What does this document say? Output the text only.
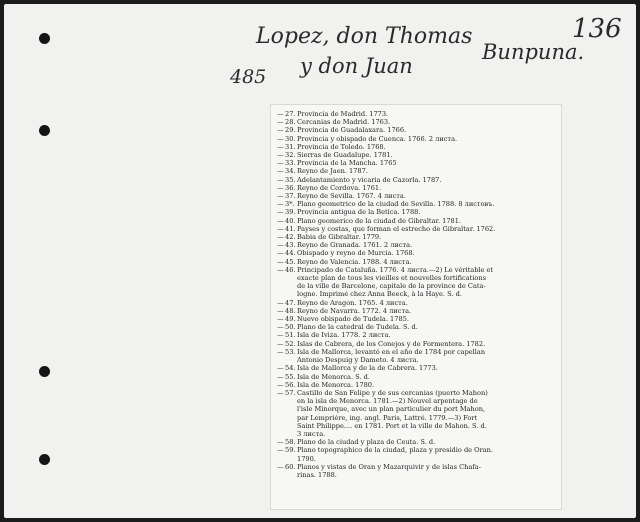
Lopez, don Thomas
y don Juan
Bunpuna.
136
485
— 27. Provincia de Madrid. 1773.
— 28. Cercanias de Madrid. 1763.
— 29. Provincia de Guadalaxara. 1766.
— 30. Provincia y obispado de Cuenca. 1766. 2 листа.
— 31. Provincia de Toledo. 1768.
— 32. Sierras de Guadalupe. 1781.
— 33. Provincia de la Mancha. 1765
— 34. Reyno de Jaen. 1787.
— 35. Adelantamiento y vicaria de Cazorla. 1787.
— 36. Reyno de Cordova. 1761.
— 37. Reyno de Sevilla. 1767. 4 листа.
— 3*. Plano geometrico de la ciudad de Sevilla. 1788. 8 листовъ.
— 39. Provincia antigua de la Betica. 1788.
— 40. Plano geomerico de la ciudad de Gibraltar. 1781.
— 41. Payses y costas, que forman el estrecho de Gibraltar. 1762.
— 42. Babia de Gibraltar. 1779.
— 43. Reyno de Granada. 1761. 2 листа.
— 44. Obispado y reyno de Murcia. 1768.
— 45. Reyno de Valencia. 1788. 4 листа.
— 46. Principado de Cataluña. 1776. 4 листа.—2) Le véritable et
exacte plan de tous les vieilles et nouvelles fortifications
de la ville de Barcelone, capitale de la province de Cata-
logne. Imprimé chez Anna Beeck, à la Haye. S. d.
— 47. Reyno de Aragon. 1765. 4 листа.
— 48. Reyno de Navarra. 1772. 4 листа.
— 49. Nuevo obispado de Tudela. 1785.
— 50. Plano de la catedral de Tudela. S. d.
— 51. Isla de Iviza. 1778. 2 листа.
— 52. Islas de Cabrera, de los Conejos y de Formentera. 1782.
— 53. Isla de Mallorca, levantó en el año de 1784 por capellan
Antonio Despuig y Dameto. 4 листа.
— 54. Isla de Mallorca y de la de Cabrera. 1773.
— 55. Isla de Menorca. S. d.
— 56. Isla de Menorca. 1780.
— 57. Castillo de San Felipe y de sus cercanias (puerto Mahon)
en la isla de Menorca. 1781.—2) Nouvel arpentage de
l'isle Minorque, avec un plan particulier du port Mahon,
par Lempriére, ing. angl. Paris, Lattré. 1779.—3) Fort
Saint Philippe.... en 1781. Port et la ville de Mahon. S. d.
3 листа.
— 58. Plano de la ciudad y plaza de Ceuta. S. d.
— 59. Plano topographico de la ciudad, plaza y presidio de Oran.
1790.
— 60. Planos y vistas de Oran y Mazarquivir y de islas Chafa-
rinas. 1788.
